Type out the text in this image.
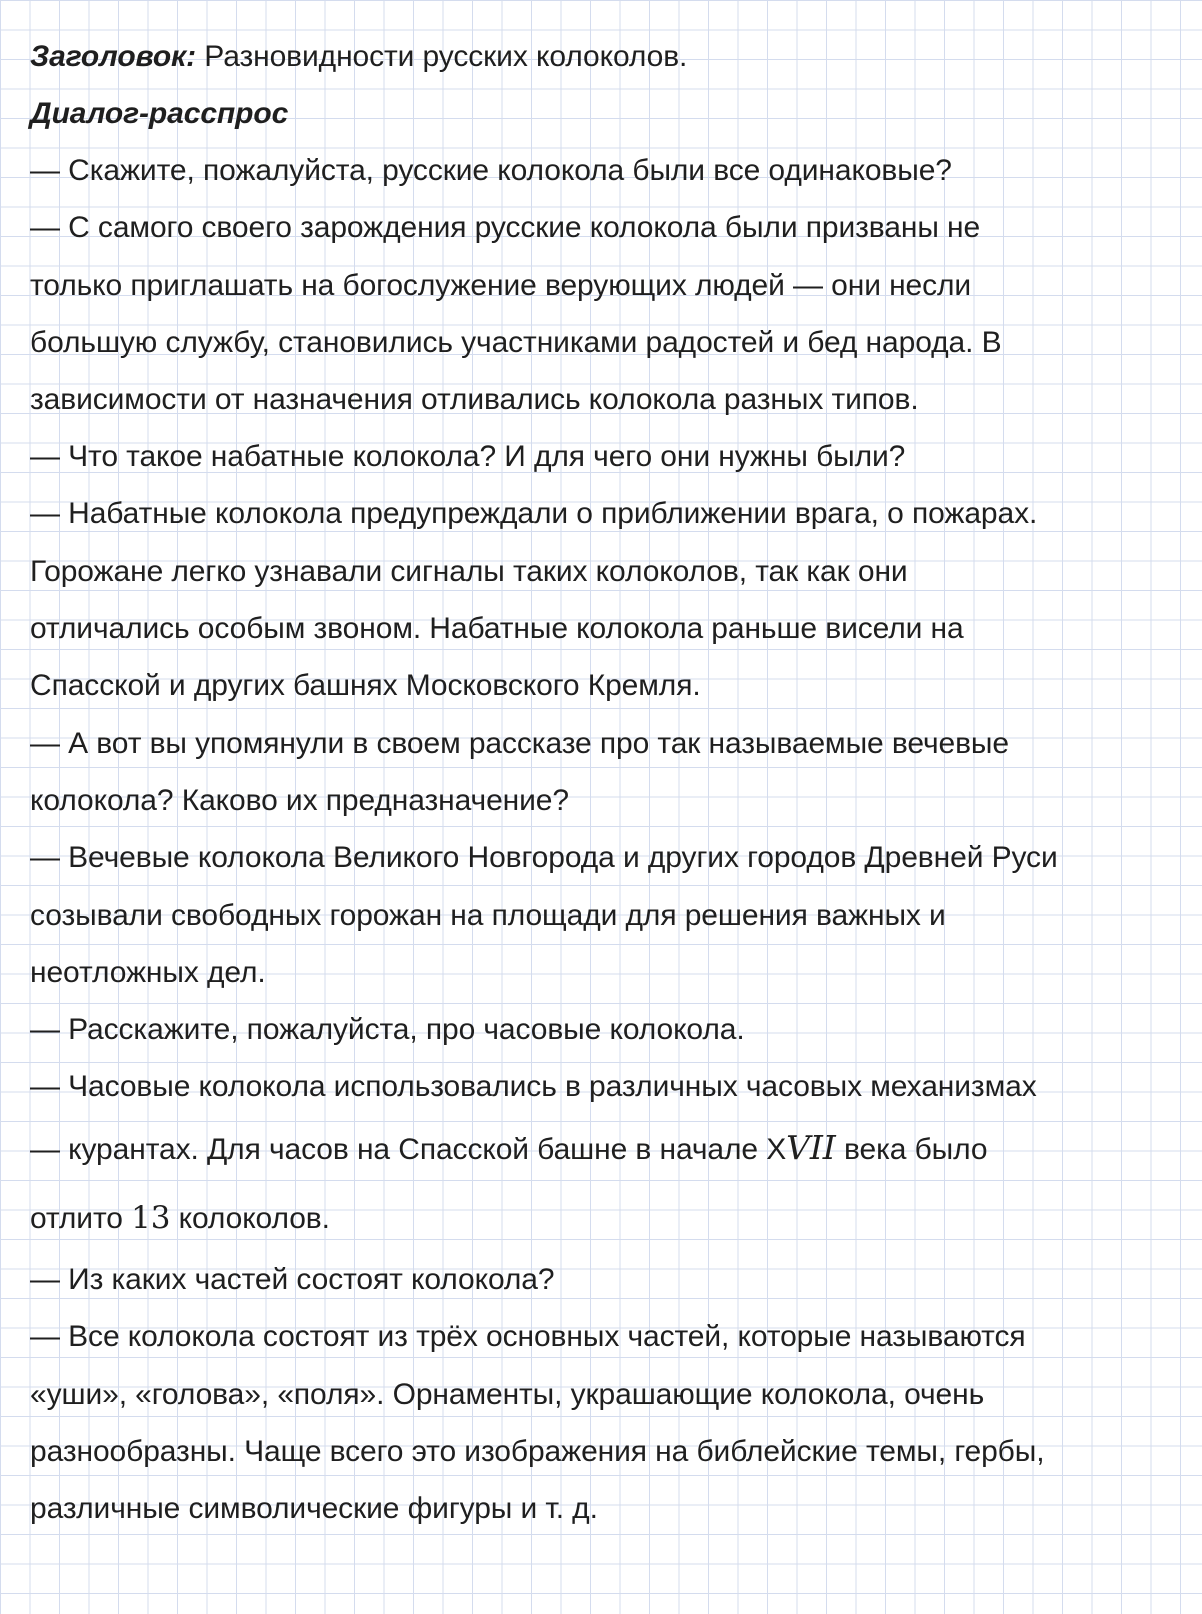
Заголовок: Разновидности русских колоколов.
Диалог-расспрос
— Скажите, пожалуйста, русские колокола были все одинаковые?
— С самого своего зарождения русские колокола были призваны не
только приглашать на богослужение верующих людей — они несли
большую службу, становились участниками радостей и бед народа. В
зависимости от назначения отливались колокола разных типов.
— Что такое набатные колокола? И для чего они нужны были?
— Набатные колокола предупреждали о приближении врага, о пожарах.
Горожане легко узнавали сигналы таких колоколов, так как они
отличались особым звоном. Набатные колокола раньше висели на
Спасской и других башнях Московского Кремля.
— А вот вы упомянули в своем рассказе про так называемые вечевые
колокола? Каково их предназначение?
— Вечевые колокола Великого Новгорода и других городов Древней Руси
созывали свободных горожан на площади для решения важных и
неотложных дел.
— Расскажите, пожалуйста, про часовые колокола.
— Часовые колокола использовались в различных часовых механизмах
— курантах. Для часов на Спасской башне в начале XVII века было
отлито 13 колоколов.
— Из каких частей состоят колокола?
— Все колокола состоят из трёх основных частей, которые называются
«уши», «голова», «поля». Орнаменты, украшающие колокола, очень
разнообразны. Чаще всего это изображения на библейские темы, гербы,
различные символические фигуры и т. д.
